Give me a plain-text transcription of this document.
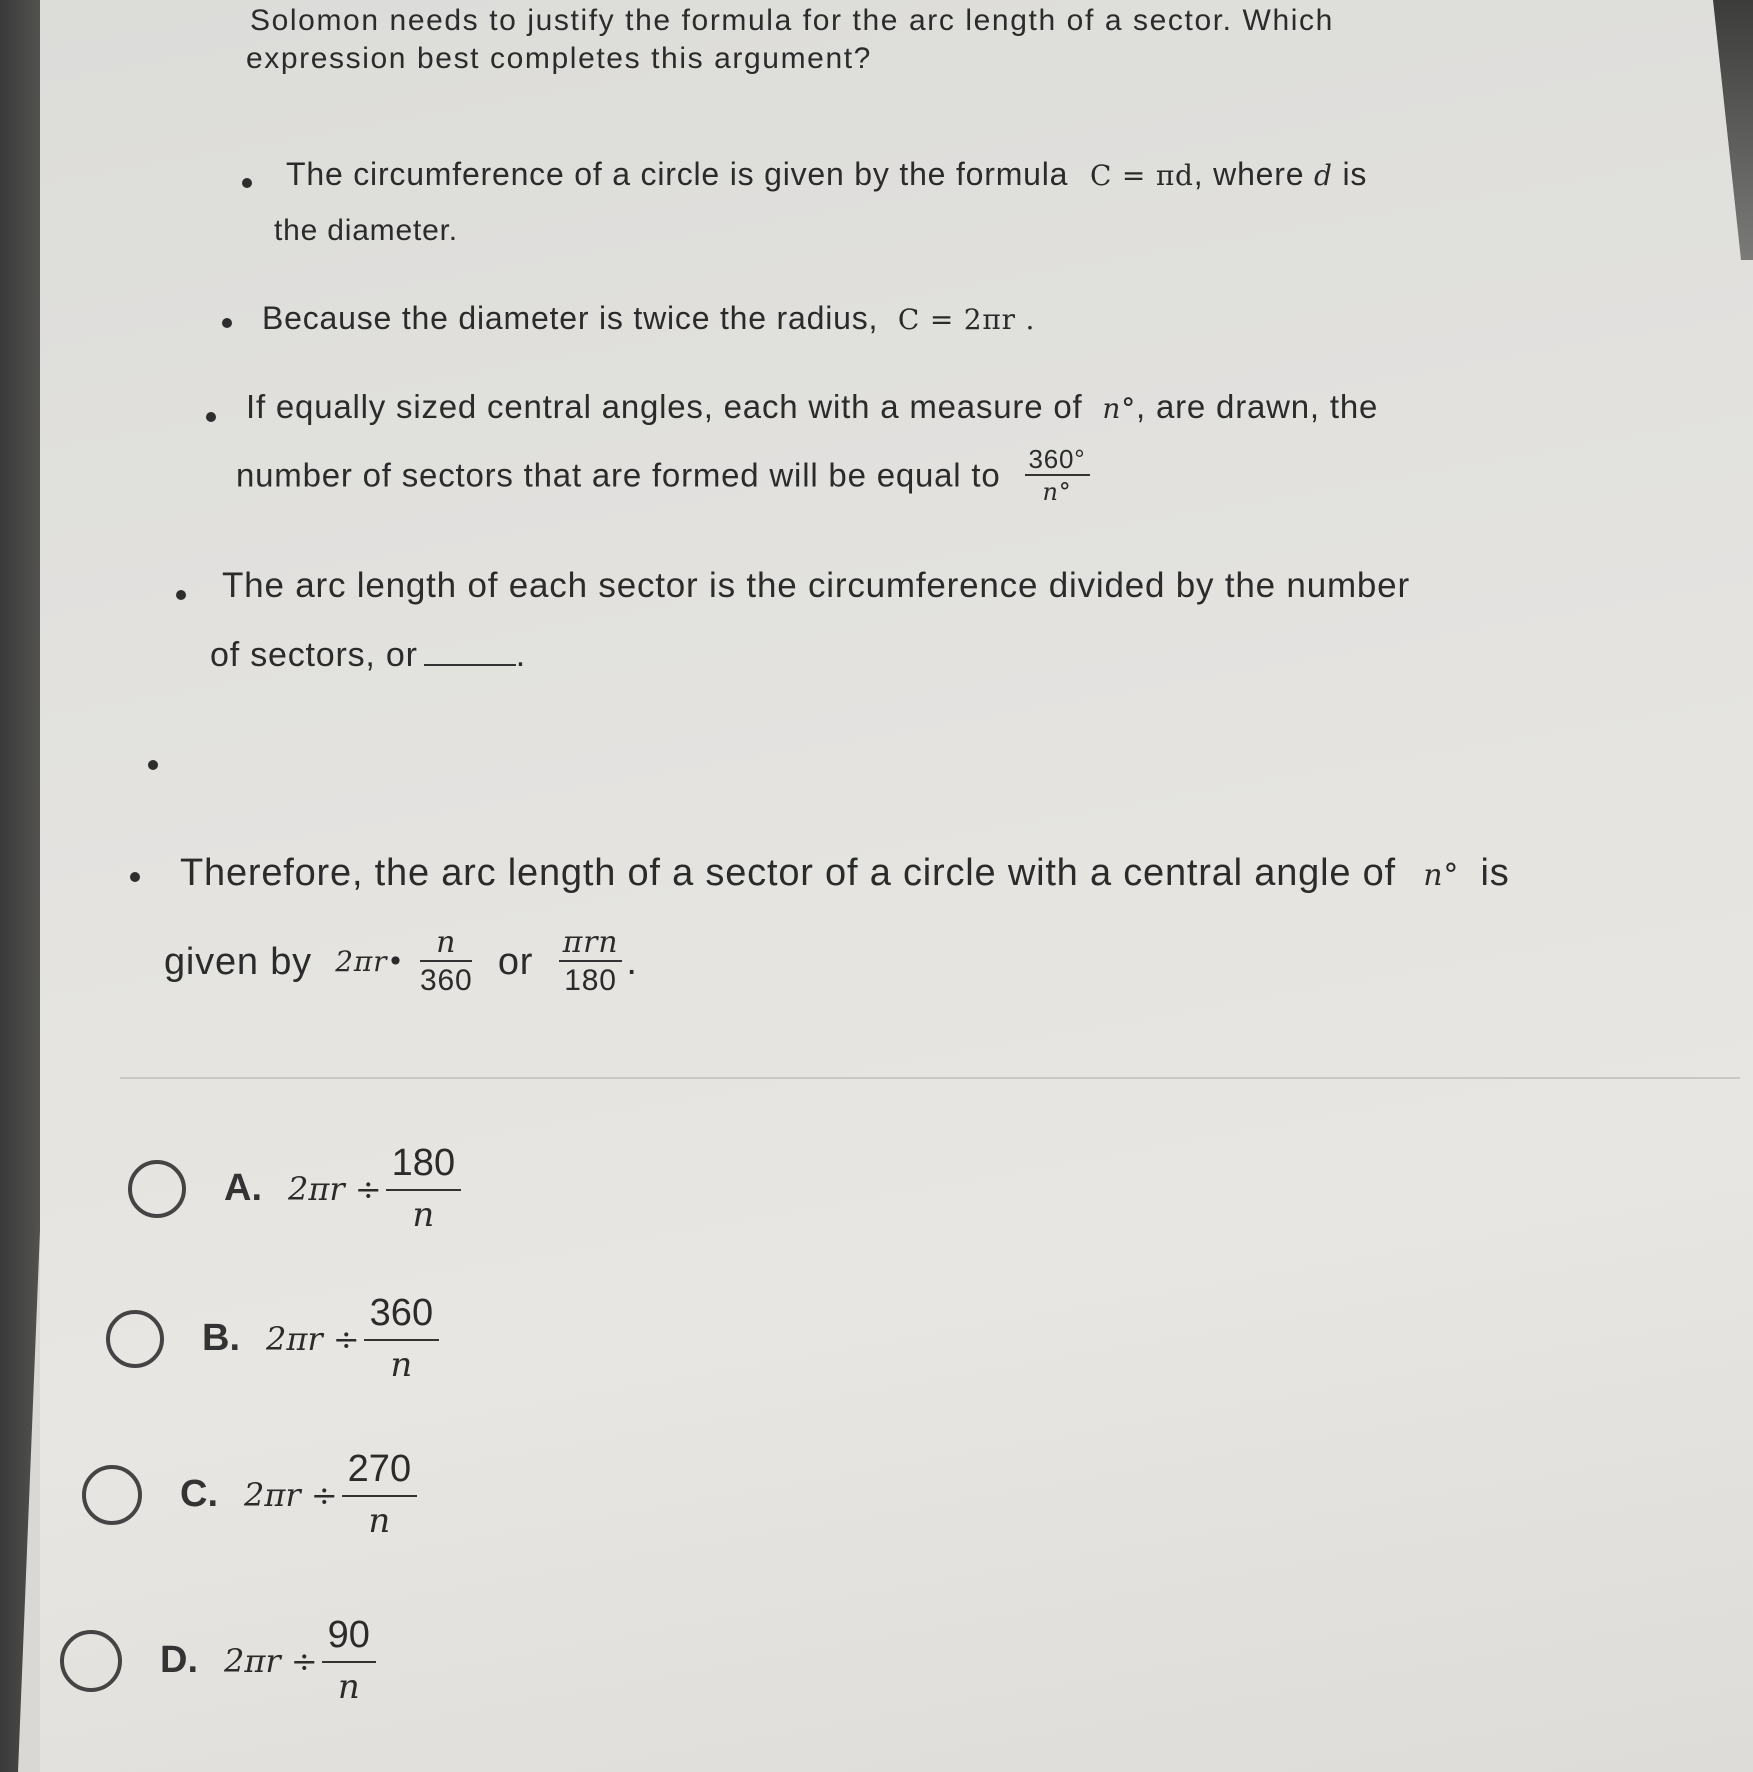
Solomon needs to justify the formula for the arc length of a sector. Which
expression best completes this argument?
The circumference of a circle is given by the formula C = πd, where d is
the diameter.
Because the diameter is twice the radius, C = 2πr .
If equally sized central angles, each with a measure of n°, are drawn, the
number of sectors that are formed will be equal to $\frac{360^\circ}{n^\circ}$
The arc length of each sector is the circumference divided by the number
of sectors, or	.
Therefore, the arc length of a sector of a circle with a central angle of n° is
given by 2πr• $\frac{n}{360}$ or $\frac{\text{πrn}}{180}$ .
A. $2\pi r \div \frac{180}{n}$
B. $2\pi r \div \frac{360}{n}$
C. $2\pi r \div \frac{270}{n}$
D. $2\pi r \div \frac{90}{n}$
